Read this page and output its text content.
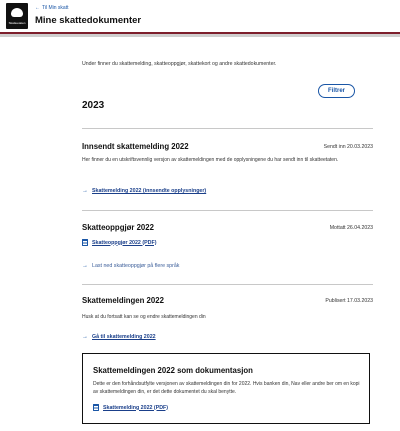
Skatteetaten
← Til Min skatt
Mine skattedokumenter
Under finner du skattemelding, skatteoppgjør, skattekort og andre skattedokumenter.
Filtrer
2023
Innsendt skattemelding 2022	Sendt inn 20.03.2023
Her finner du en utskriftsvennlig versjon av skattemeldingen med de opplysningene du har sendt inn til skatteetaten.
→ Skattemelding 2022 (innsendte opplysninger)
Skatteoppgjør 2022	Mottatt 26.04.2023
Skatteoppgjør 2022 (PDF)
→ Last ned skatteoppgjør på flere språk
Skattemeldingen 2022	Publisert 17.03.2023
Husk at du fortsatt kan se og endre skattemeldingen din
→ Gå til skattemelding 2022
Skattemeldingen 2022 som dokumentasjon
Dette er den forhåndsutfylte versjonen av skattemeldingen din for 2022. Hvis banken din, Nav eller andre ber om en kopi av skattemeldingen din, er det dette dokumentet du skal benytte.
Skattemelding 2022 (PDF)
